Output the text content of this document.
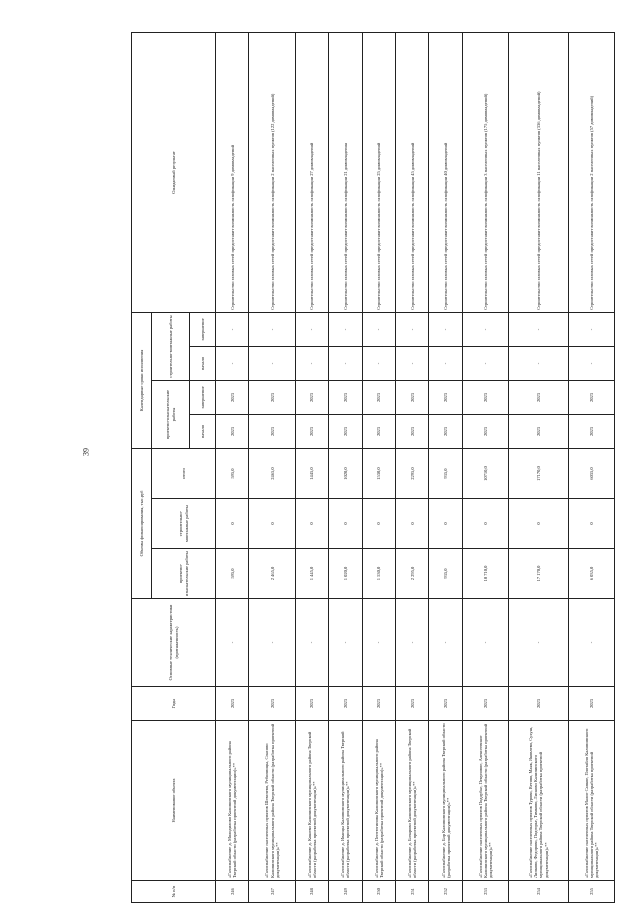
39
№ п/п	Наименование объекта	Годы	Основные технические характеристики (протяженность)	Объемы финансирования, тыс.руб			Календарные сроки исполнения				Ожидаемый результат
				проектно-изыскательские работы	строительно-монтажные работы	итого	проектно-изыскательские работы		строительно-монтажные работы		
							начало	завершение	начало	завершение	
246	«Газоснабжение д. Молодилово Калининского муниципального района Тверской области (разработка проектной документации)»**	2023	-	595,0	0	595,0	2023	2023	-	-	Строительство газовых сетей предоставит возможность газификации 9 домовладений
247	«Газоснабжение населенных пунктов Шевелево, Ребинницы, Спасово Калининского муниципального района Тверской области (разработка проектной документации)»**	2023	-	2 465,0	0	2465,0	2023	2023	-	-	Строительство газовых сетей предоставит возможность газификации 2 населенных пунктов (122 домовладений)
248	«Газоснабжение д. Кошево Калининского муниципального района Тверской области (разработка проектной документации)»**	2023	-	1 445,0	0	1445,0	2023	2023	-	-	Строительство газовых сетей предоставит возможность газификации 27 домовладений
249	«Газоснабжение д. Иванцы Калининского муниципального района Тверской области (разработка проектной документации)»**	2023	-	1 020,0	0	1020,0	2023	2023	-	-	Строительство газовых сетей предоставит возможность газификации 21 домовладения
250	«Газоснабжение д. Пентюгинова Калининского муниципального района Тверской области (разработка проектной документации)»**	2023	-	1 530,0	0	1530,0	2023	2023	-	-	Строительство газовых сетей предоставит возможность газификации 25 домовладений
251	«Газоснабжение д. Бочарово Калининского муниципального района Тверской области (разработка проектной документации)»**	2023	-	2 295,0	0	2295,0	2023	2023	-	-	Строительство газовых сетей предоставит возможность газификации 45 домовладений
252	«Газоснабжение д. Бор Калининского муниципального района Тверской области (разработка проектной документации)»**	2023	-	935,0	0	935,0	2023	2023	-	-	Строительство газовых сетей предоставит возможность газификации 40 домовладений
253	«Газоснабжение населенных пунктов Поддубье, Пекуновое, Алексеевское Калининского муниципального района Тверской области (разработка проектной документации)»**	2023	-	10 710,0	0	10710,0	2023	2023	-	-	Строительство газовых сетей предоставит возможность газификации 3 населенных пунктов (175 домовладений)
254	«Газоснабжение населенных пунктов Турово, Ветово, Маяк, Яковлево, Сухуш, Липково, Федорово, Подгорье, Тимково, Лисково Калининского муниципального района Тверской области (разработка проектной документации)»**	2023	-	17 170,0	0	17170,0	2023	2023	-	-	Строительство газовых сетей предоставит возможность газификации 11 населенных пунктов (336 домовладений)
255	«Газоснабжение населенных пунктов Малое Санкое, Плотайло Калининского муниципального района Тверской области (разработка проектной документации)»**	2023	-	6 035,0	0	6035,0	2023	2023	-	-	Строительство газовых сетей предоставит возможность газификации 2 населенных пунктов (57 домовладений)
